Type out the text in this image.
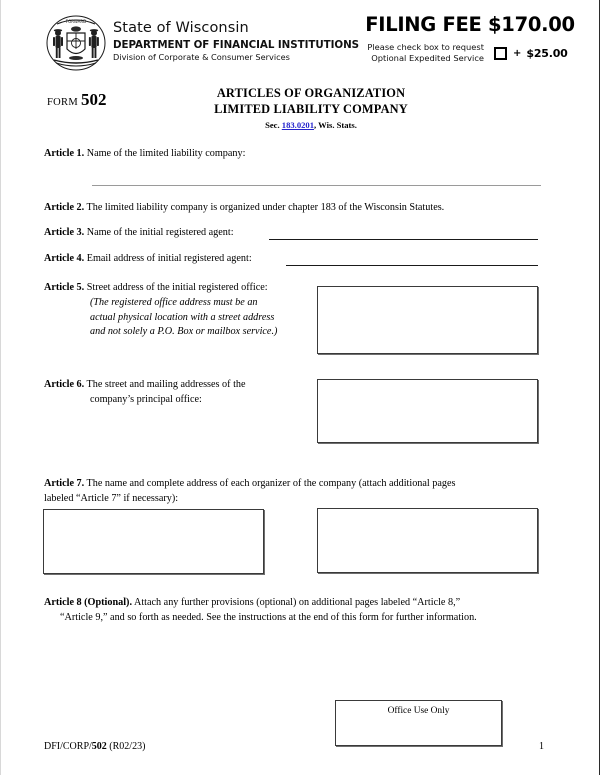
FORWARD State of Wisconsin
DEPARTMENT OF FINANCIAL INSTITUTIONS
Division of Corporate & Consumer Services
FILING FEE $170.00
Please check box to request
Optional Expedited Service	+ $25.00
FORM 502	ARTICLES OF ORGANIZATION
LIMITED LIABILITY COMPANY
Sec. 183.0201, Wis. Stats.
Article 1. Name of the limited liability company:
Article 2. The limited liability company is organized under chapter 183 of the Wisconsin Statutes.
Article 3. Name of the initial registered agent:
Article 4. Email address of initial registered agent:
Article 5. Street address of the initial registered office:
(The registered office address must be an
actual physical location with a street address
and not solely a P.O. Box or mailbox service.)
Article 6. The street and mailing addresses of the
company’s principal office:
Article 7. The name and complete address of each organizer of the company (attach additional pages
labeled “Article 7” if necessary):
Article 8 (Optional). Attach any further provisions (optional) on additional pages labeled “Article 8,”
“Article 9,” and so forth as needed. See the instructions at the end of this form for further information.
Office Use Only
DFI/CORP/502 (R02/23)	1
